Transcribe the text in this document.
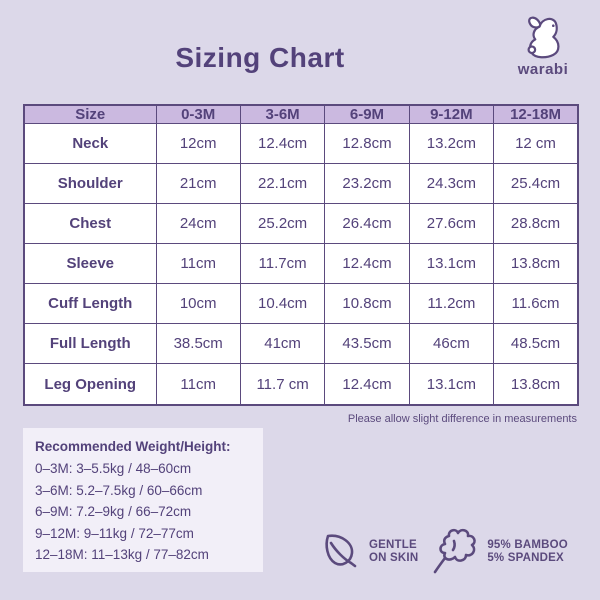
Sizing Chart	warabi
Size	0-3M	3-6M	6-9M	9-12M	12-18M
Neck	12cm	12.4cm	12.8cm	13.2cm	12 cm
Shoulder	21cm	22.1cm	23.2cm	24.3cm	25.4cm
Chest	24cm	25.2cm	26.4cm	27.6cm	28.8cm
Sleeve	11cm	11.7cm	12.4cm	13.1cm	13.8cm
Cuff Length	10cm	10.4cm	10.8cm	11.2cm	11.6cm
Full Length	38.5cm	41cm	43.5cm	46cm	48.5cm
Leg Opening	11cm	11.7 cm	12.4cm	13.1cm	13.8cm
Please allow slight difference in measurements
Recommended Weight/Height:
0–3M: 3–5.5kg / 48–60cm
3–6M: 5.2–7.5kg / 60–66cm
6–9M: 7.2–9kg / 66–72cm
9–12M: 9–11kg / 72–77cm
12–18M: 11–13kg / 77–82cm
GENTLE
ON SKIN
95% BAMBOO
5% SPANDEX
